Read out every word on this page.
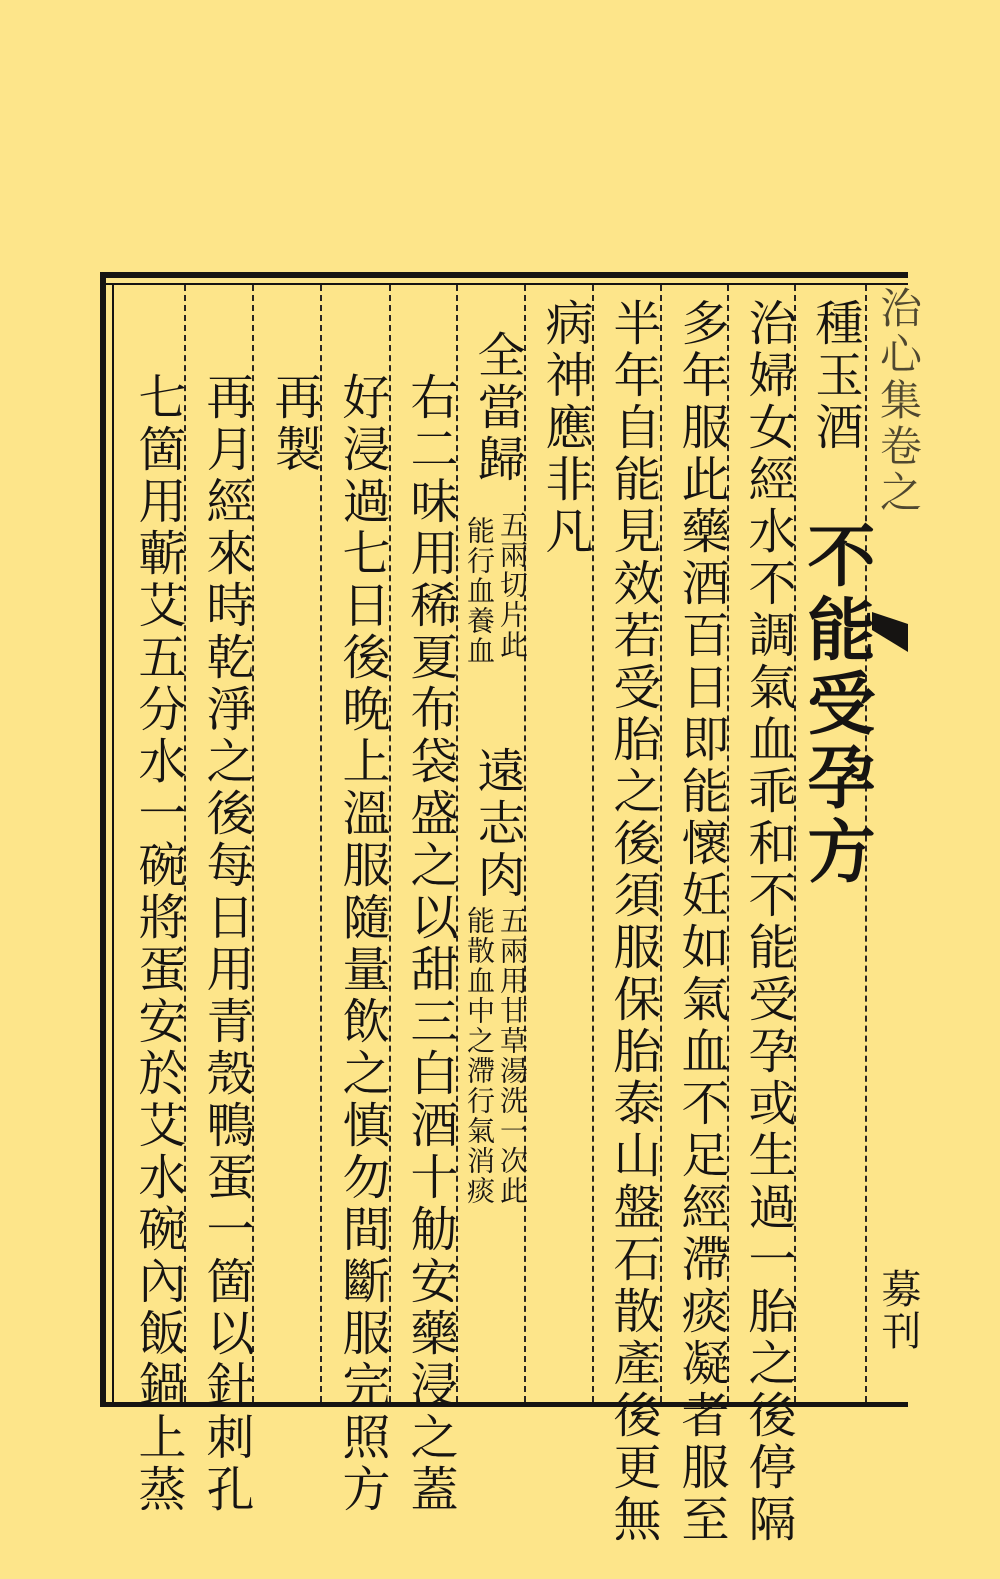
治心集卷之
募刊
種玉酒
不能受孕方
治婦女經水不調氣血乖和不能受孕或生過一胎之後停隔
多年服此藥酒百日即能懷妊如氣血不足經滯痰凝者服至
半年自能見效若受胎之後須服保胎泰山盤石散產後更無
病神應非凡
全當歸
五兩切片此
能行血養血
遠志肉
五兩用甘草湯洗一次此
能散血中之滯行氣消痰
右二味用稀夏布袋盛之以甜三白酒十觔安藥浸之蓋
好浸過七日後晚上溫服隨量飲之慎勿間斷服完照方
再製
再月經來時乾淨之後每日用青殼鴨蛋一箇以針刺孔
七箇用蘄艾五分水一碗將蛋安於艾水碗內飯鍋上蒸
